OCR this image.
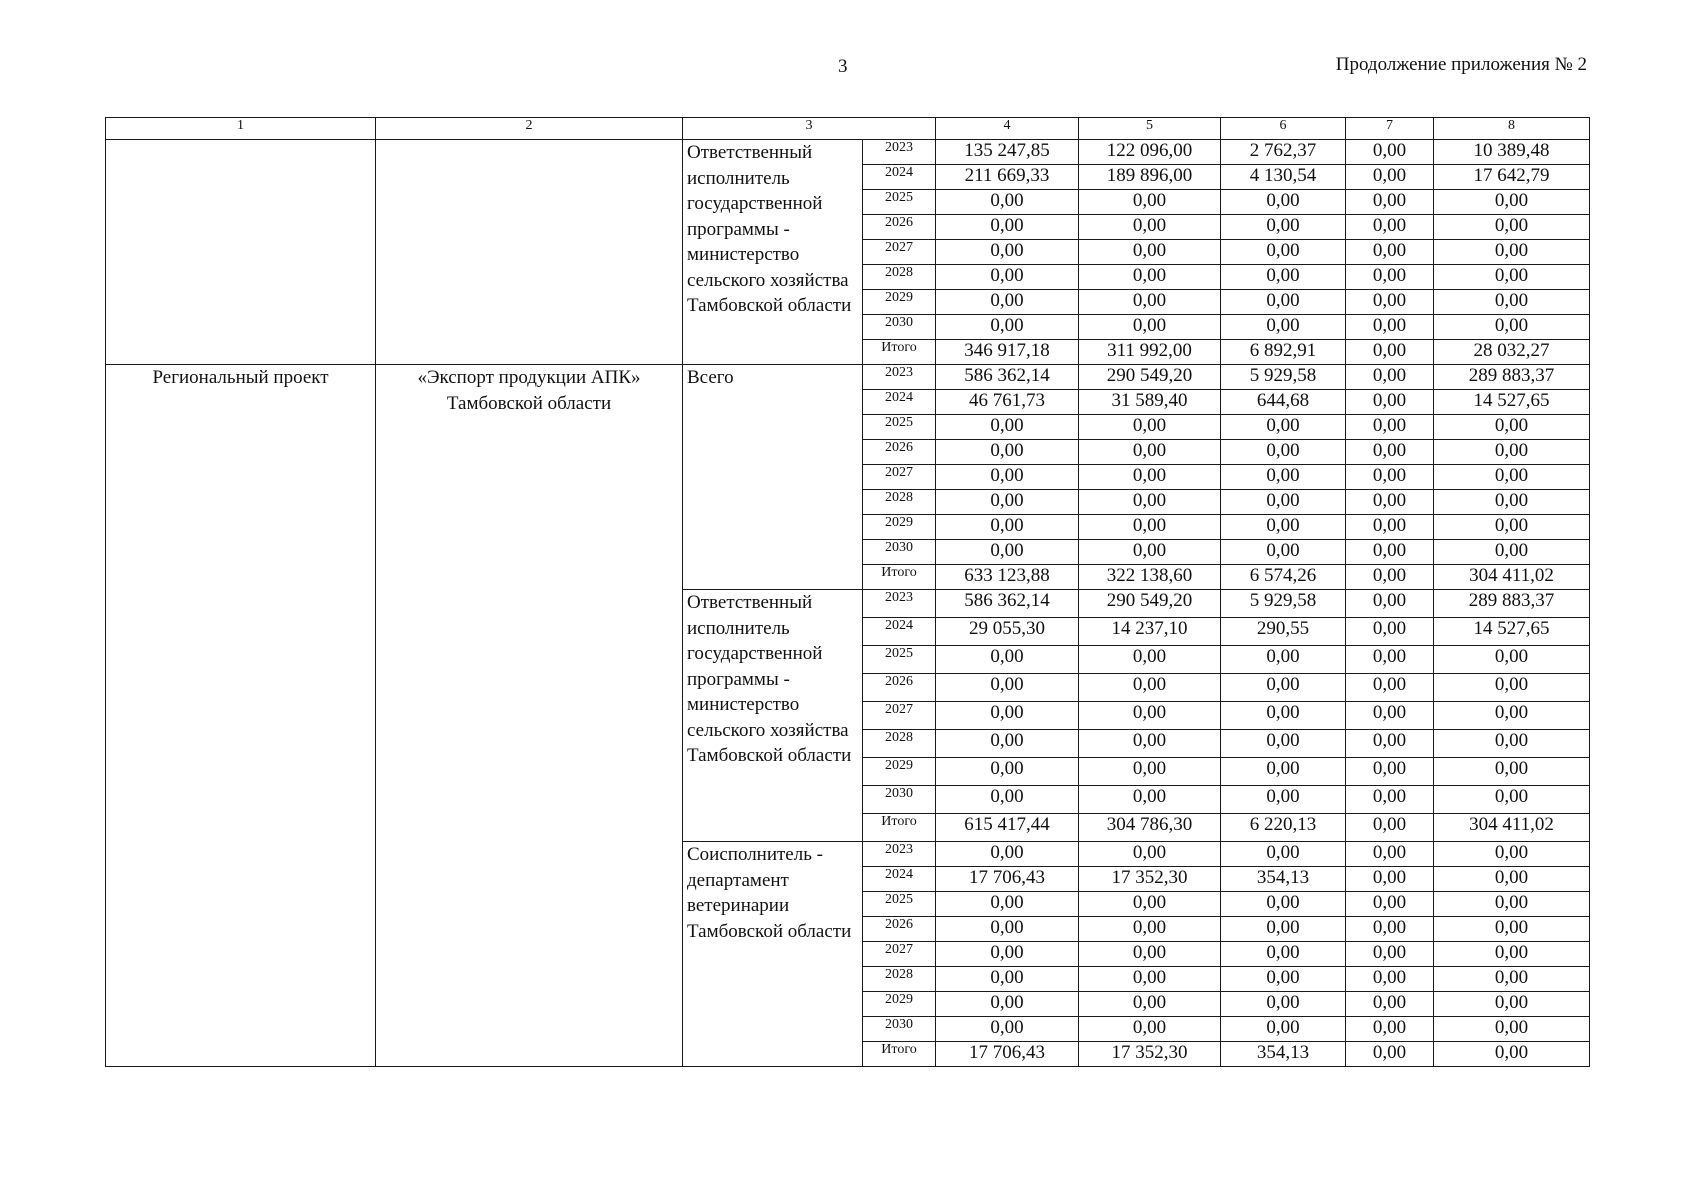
3	Продолжение приложения № 2
1	2	3		4	5	6	7	8
		Ответственный исполнитель государственной программы - министерство сельского хозяйства Тамбовской области	2023	135 247,85	122 096,00	2 762,37	0,00	10 389,48
			2024	211 669,33	189 896,00	4 130,54	0,00	17 642,79
			2025	0,00	0,00	0,00	0,00	0,00
			2026	0,00	0,00	0,00	0,00	0,00
			2027	0,00	0,00	0,00	0,00	0,00
			2028	0,00	0,00	0,00	0,00	0,00
			2029	0,00	0,00	0,00	0,00	0,00
			2030	0,00	0,00	0,00	0,00	0,00
			Итого	346 917,18	311 992,00	6 892,91	0,00	28 032,27
Региональный проект	«Экспорт продукции АПК» Тамбовской области	Всего	2023	586 362,14	290 549,20	5 929,58	0,00	289 883,37
			2024	46 761,73	31 589,40	644,68	0,00	14 527,65
			2025	0,00	0,00	0,00	0,00	0,00
			2026	0,00	0,00	0,00	0,00	0,00
			2027	0,00	0,00	0,00	0,00	0,00
			2028	0,00	0,00	0,00	0,00	0,00
			2029	0,00	0,00	0,00	0,00	0,00
			2030	0,00	0,00	0,00	0,00	0,00
			Итого	633 123,88	322 138,60	6 574,26	0,00	304 411,02
		Ответственный исполнитель государственной программы - министерство сельского хозяйства Тамбовской области	2023	586 362,14	290 549,20	5 929,58	0,00	289 883,37
			2024	29 055,30	14 237,10	290,55	0,00	14 527,65
			2025	0,00	0,00	0,00	0,00	0,00
			2026	0,00	0,00	0,00	0,00	0,00
			2027	0,00	0,00	0,00	0,00	0,00
			2028	0,00	0,00	0,00	0,00	0,00
			2029	0,00	0,00	0,00	0,00	0,00
			2030	0,00	0,00	0,00	0,00	0,00
			Итого	615 417,44	304 786,30	6 220,13	0,00	304 411,02
		Соисполнитель - департамент ветеринарии Тамбовской области	2023	0,00	0,00	0,00	0,00	0,00
			2024	17 706,43	17 352,30	354,13	0,00	0,00
			2025	0,00	0,00	0,00	0,00	0,00
			2026	0,00	0,00	0,00	0,00	0,00
			2027	0,00	0,00	0,00	0,00	0,00
			2028	0,00	0,00	0,00	0,00	0,00
			2029	0,00	0,00	0,00	0,00	0,00
			2030	0,00	0,00	0,00	0,00	0,00
			Итого	17 706,43	17 352,30	354,13	0,00	0,00
